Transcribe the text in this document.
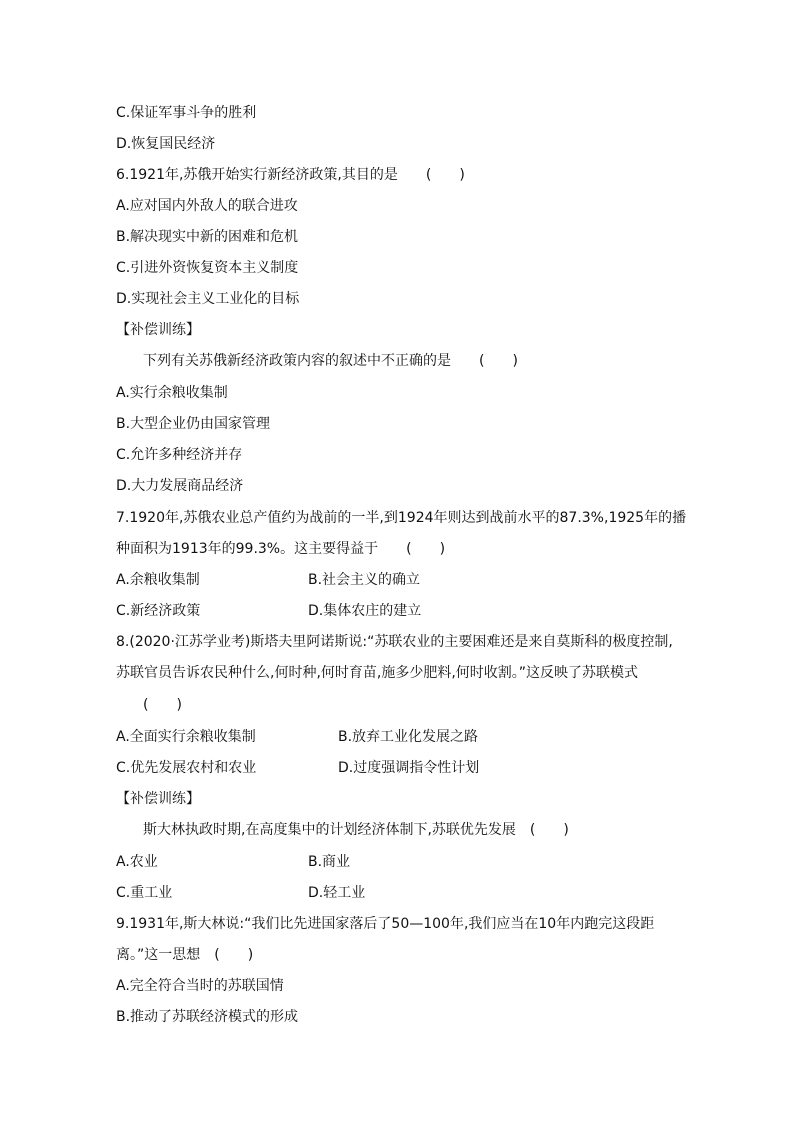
C.保证军事斗争的胜利
D.恢复国民经济
6.1921年,苏俄开始实行新经济政策,其目的是　　(　　)
A.应对国内外敌人的联合进攻
B.解决现实中新的困难和危机
C.引进外资恢复资本主义制度
D.实现社会主义工业化的目标
【补偿训练】
下列有关苏俄新经济政策内容的叙述中不正确的是　　(　　)
A.实行余粮收集制
B.大型企业仍由国家管理
C.允许多种经济并存
D.大力发展商品经济
7.1920年,苏俄农业总产值约为战前的一半,到1924年则达到战前水平的87.3%,1925年的播
种面积为1913年的99.3%。这主要得益于　　(　　)
A.余粮收集制	B.社会主义的确立
C.新经济政策	D.集体农庄的建立
8.(2020·江苏学业考)斯塔夫里阿诺斯说:“苏联农业的主要困难还是来自莫斯科的极度控制,
苏联官员告诉农民种什么,何时种,何时育苗,施多少肥料,何时收割。”这反映了苏联模式
(　　)
A.全面实行余粮收集制	B.放弃工业化发展之路
C.优先发展农村和农业	D.过度强调指令性计划
【补偿训练】
斯大林执政时期,在高度集中的计划经济体制下,苏联优先发展　(　　)
A.农业	B.商业
C.重工业	D.轻工业
9.1931年,斯大林说:“我们比先进国家落后了50—100年,我们应当在10年内跑完这段距
离。”这一思想　(　　)
A.完全符合当时的苏联国情
B.推动了苏联经济模式的形成
